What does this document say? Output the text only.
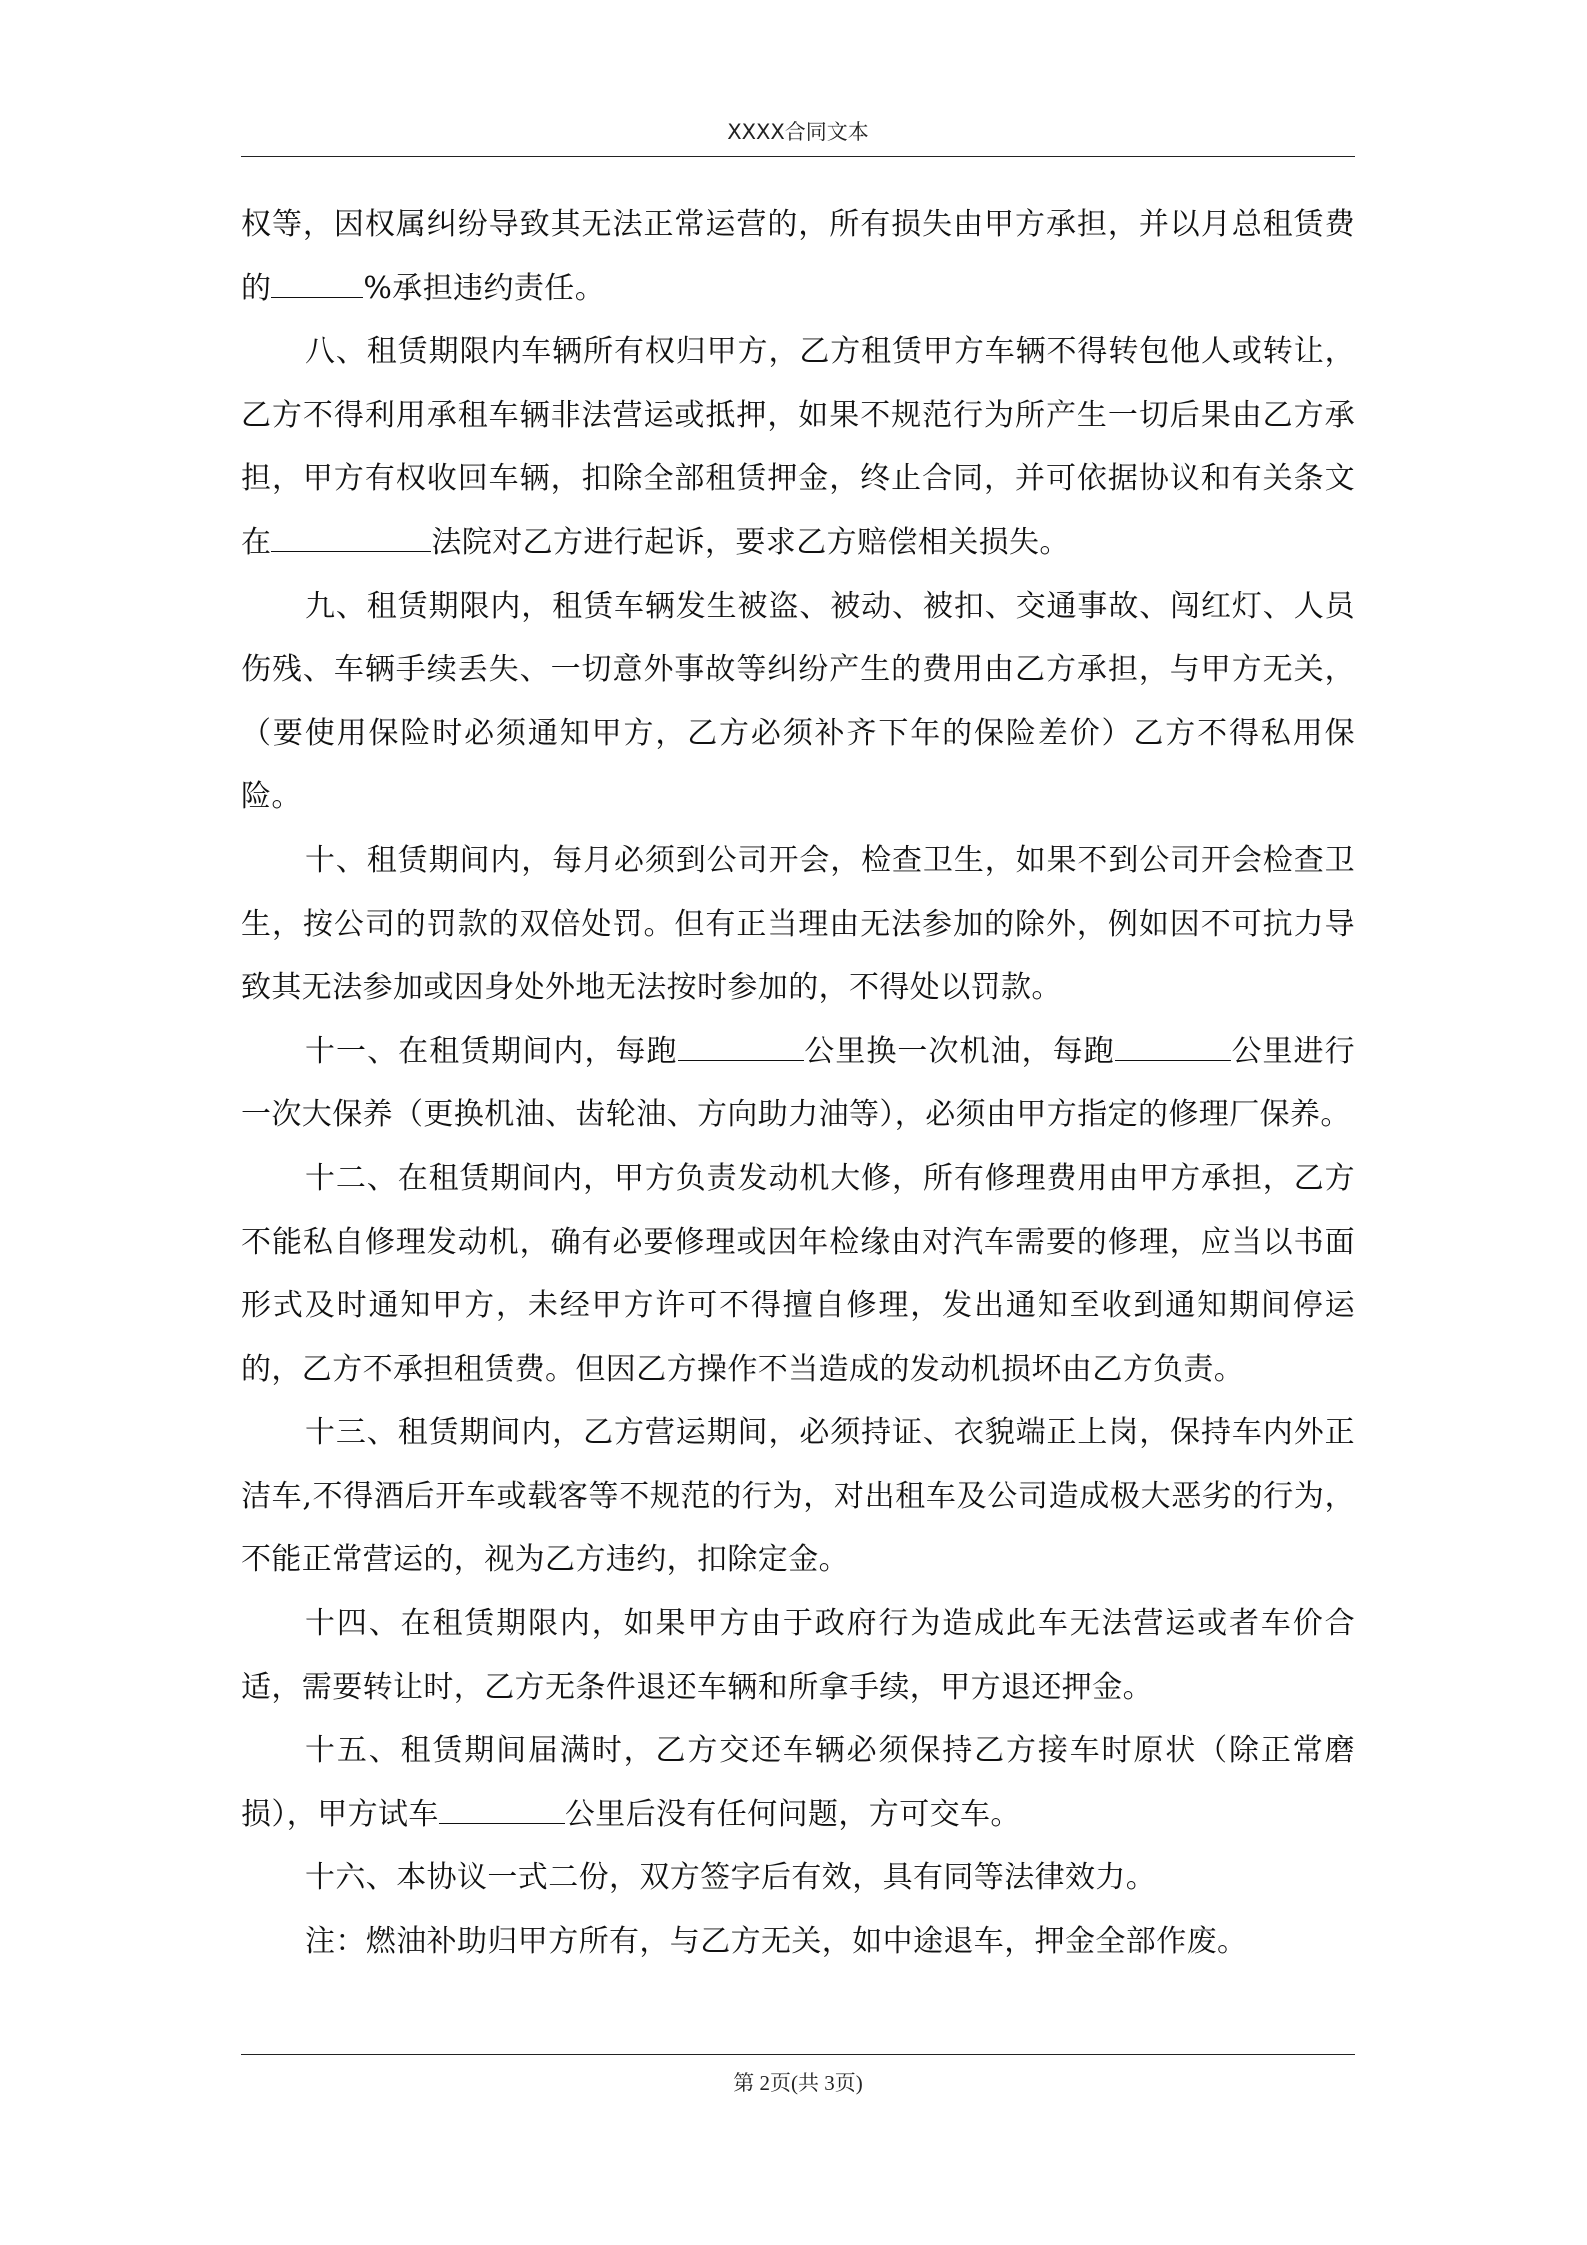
XXXX合同文本

权等，因权属纠纷导致其无法正常运营的，所有损失由甲方承担，并以月总租赁费的	%承担违约责任。

八、租赁期限内车辆所有权归甲方，乙方租赁甲方车辆不得转包他人或转让，乙方不得利用承租车辆非法营运或抵押，如果不规范行为所产生一切后果由乙方承担，甲方有权收回车辆，扣除全部租赁押金，终止合同，并可依据协议和有关条文在	法院对乙方进行起诉，要求乙方赔偿相关损失。

九、租赁期限内，租赁车辆发生被盗、被动、被扣、交通事故、闯红灯、人员伤残、车辆手续丢失、一切意外事故等纠纷产生的费用由乙方承担，与甲方无关，（要使用保险时必须通知甲方，乙方必须补齐下年的保险差价）乙方不得私用保险。

十、租赁期间内，每月必须到公司开会，检查卫生，如果不到公司开会检查卫生，按公司的罚款的双倍处罚。但有正当理由无法参加的除外，例如因不可抗力导致其无法参加或因身处外地无法按时参加的，不得处以罚款。

十一、在租赁期间内，每跑	公里换一次机油，每跑	公里进行一次大保养（更换机油、齿轮油、方向助力油等），必须由甲方指定的修理厂保养。

十二、在租赁期间内，甲方负责发动机大修，所有修理费用由甲方承担，乙方不能私自修理发动机，确有必要修理或因年检缘由对汽车需要的修理，应当以书面形式及时通知甲方，未经甲方许可不得擅自修理，发出通知至收到通知期间停运的，乙方不承担租赁费。但因乙方操作不当造成的发动机损坏由乙方负责。

十三、租赁期间内，乙方营运期间，必须持证、衣貌端正上岗，保持车内外正洁车,不得酒后开车或载客等不规范的行为，对出租车及公司造成极大恶劣的行为，不能正常营运的，视为乙方违约，扣除定金。

十四、在租赁期限内，如果甲方由于政府行为造成此车无法营运或者车价合适，需要转让时，乙方无条件退还车辆和所拿手续，甲方退还押金。

十五、租赁期间届满时，乙方交还车辆必须保持乙方接车时原状（除正常磨损），甲方试车	公里后没有任何问题，方可交车。

十六、本协议一式二份，双方签字后有效，具有同等法律效力。

注：燃油补助归甲方所有，与乙方无关，如中途退车，押金全部作废。

第 2页(共 3页)
